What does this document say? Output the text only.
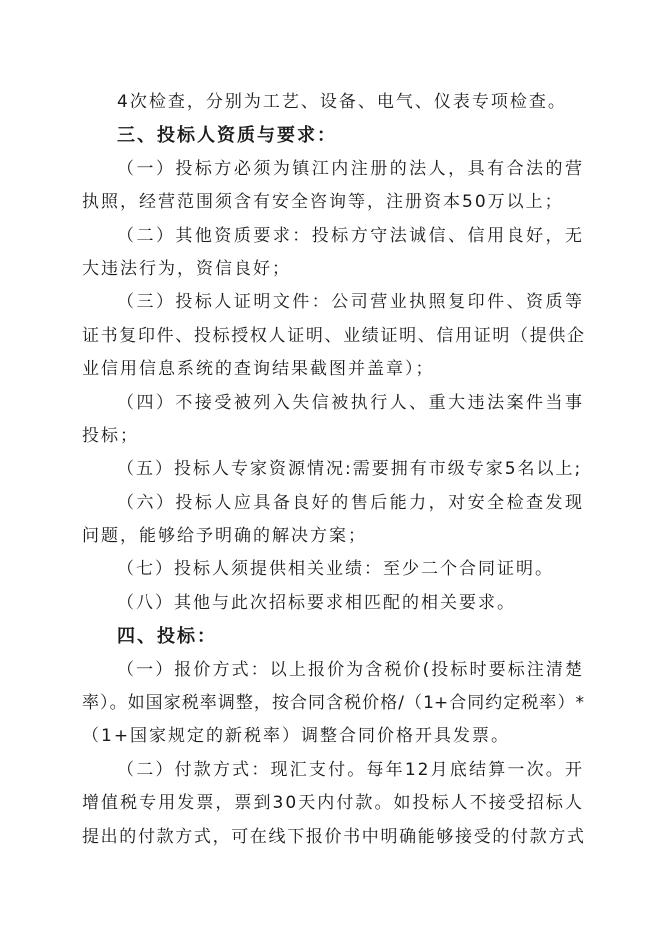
4次检查，分别为工艺、设备、电气、仪表专项检查。
三、投标人资质与要求：
（一）投标方必须为镇江内注册的法人，具有合法的营
执照，经营范围须含有安全咨询等，注册资本50万以上；
（二）其他资质要求：投标方守法诚信、信用良好，无
大违法行为，资信良好；
（三）投标人证明文件：公司营业执照复印件、资质等
证书复印件、投标授权人证明、业绩证明、信用证明（提供企
业信用信息系统的查询结果截图并盖章）；
（四）不接受被列入失信被执行人、重大违法案件当事
投标；
（五）投标人专家资源情况:需要拥有市级专家5名以上;
（六）投标人应具备良好的售后能力，对安全检查发现
问题，能够给予明确的解决方案；
（七）投标人须提供相关业绩：至少二个合同证明。
（八）其他与此次招标要求相匹配的相关要求。
四、投标：
（一）报价方式：以上报价为含税价(投标时要标注清楚
率）。如国家税率调整，按合同含税价格/（1+合同约定税率）*
（1+国家规定的新税率）调整合同价格开具发票。
（二）付款方式：现汇支付。每年12月底结算一次。开
增值税专用发票，票到30天内付款。如投标人不接受招标人
提出的付款方式，可在线下报价书中明确能够接受的付款方式
